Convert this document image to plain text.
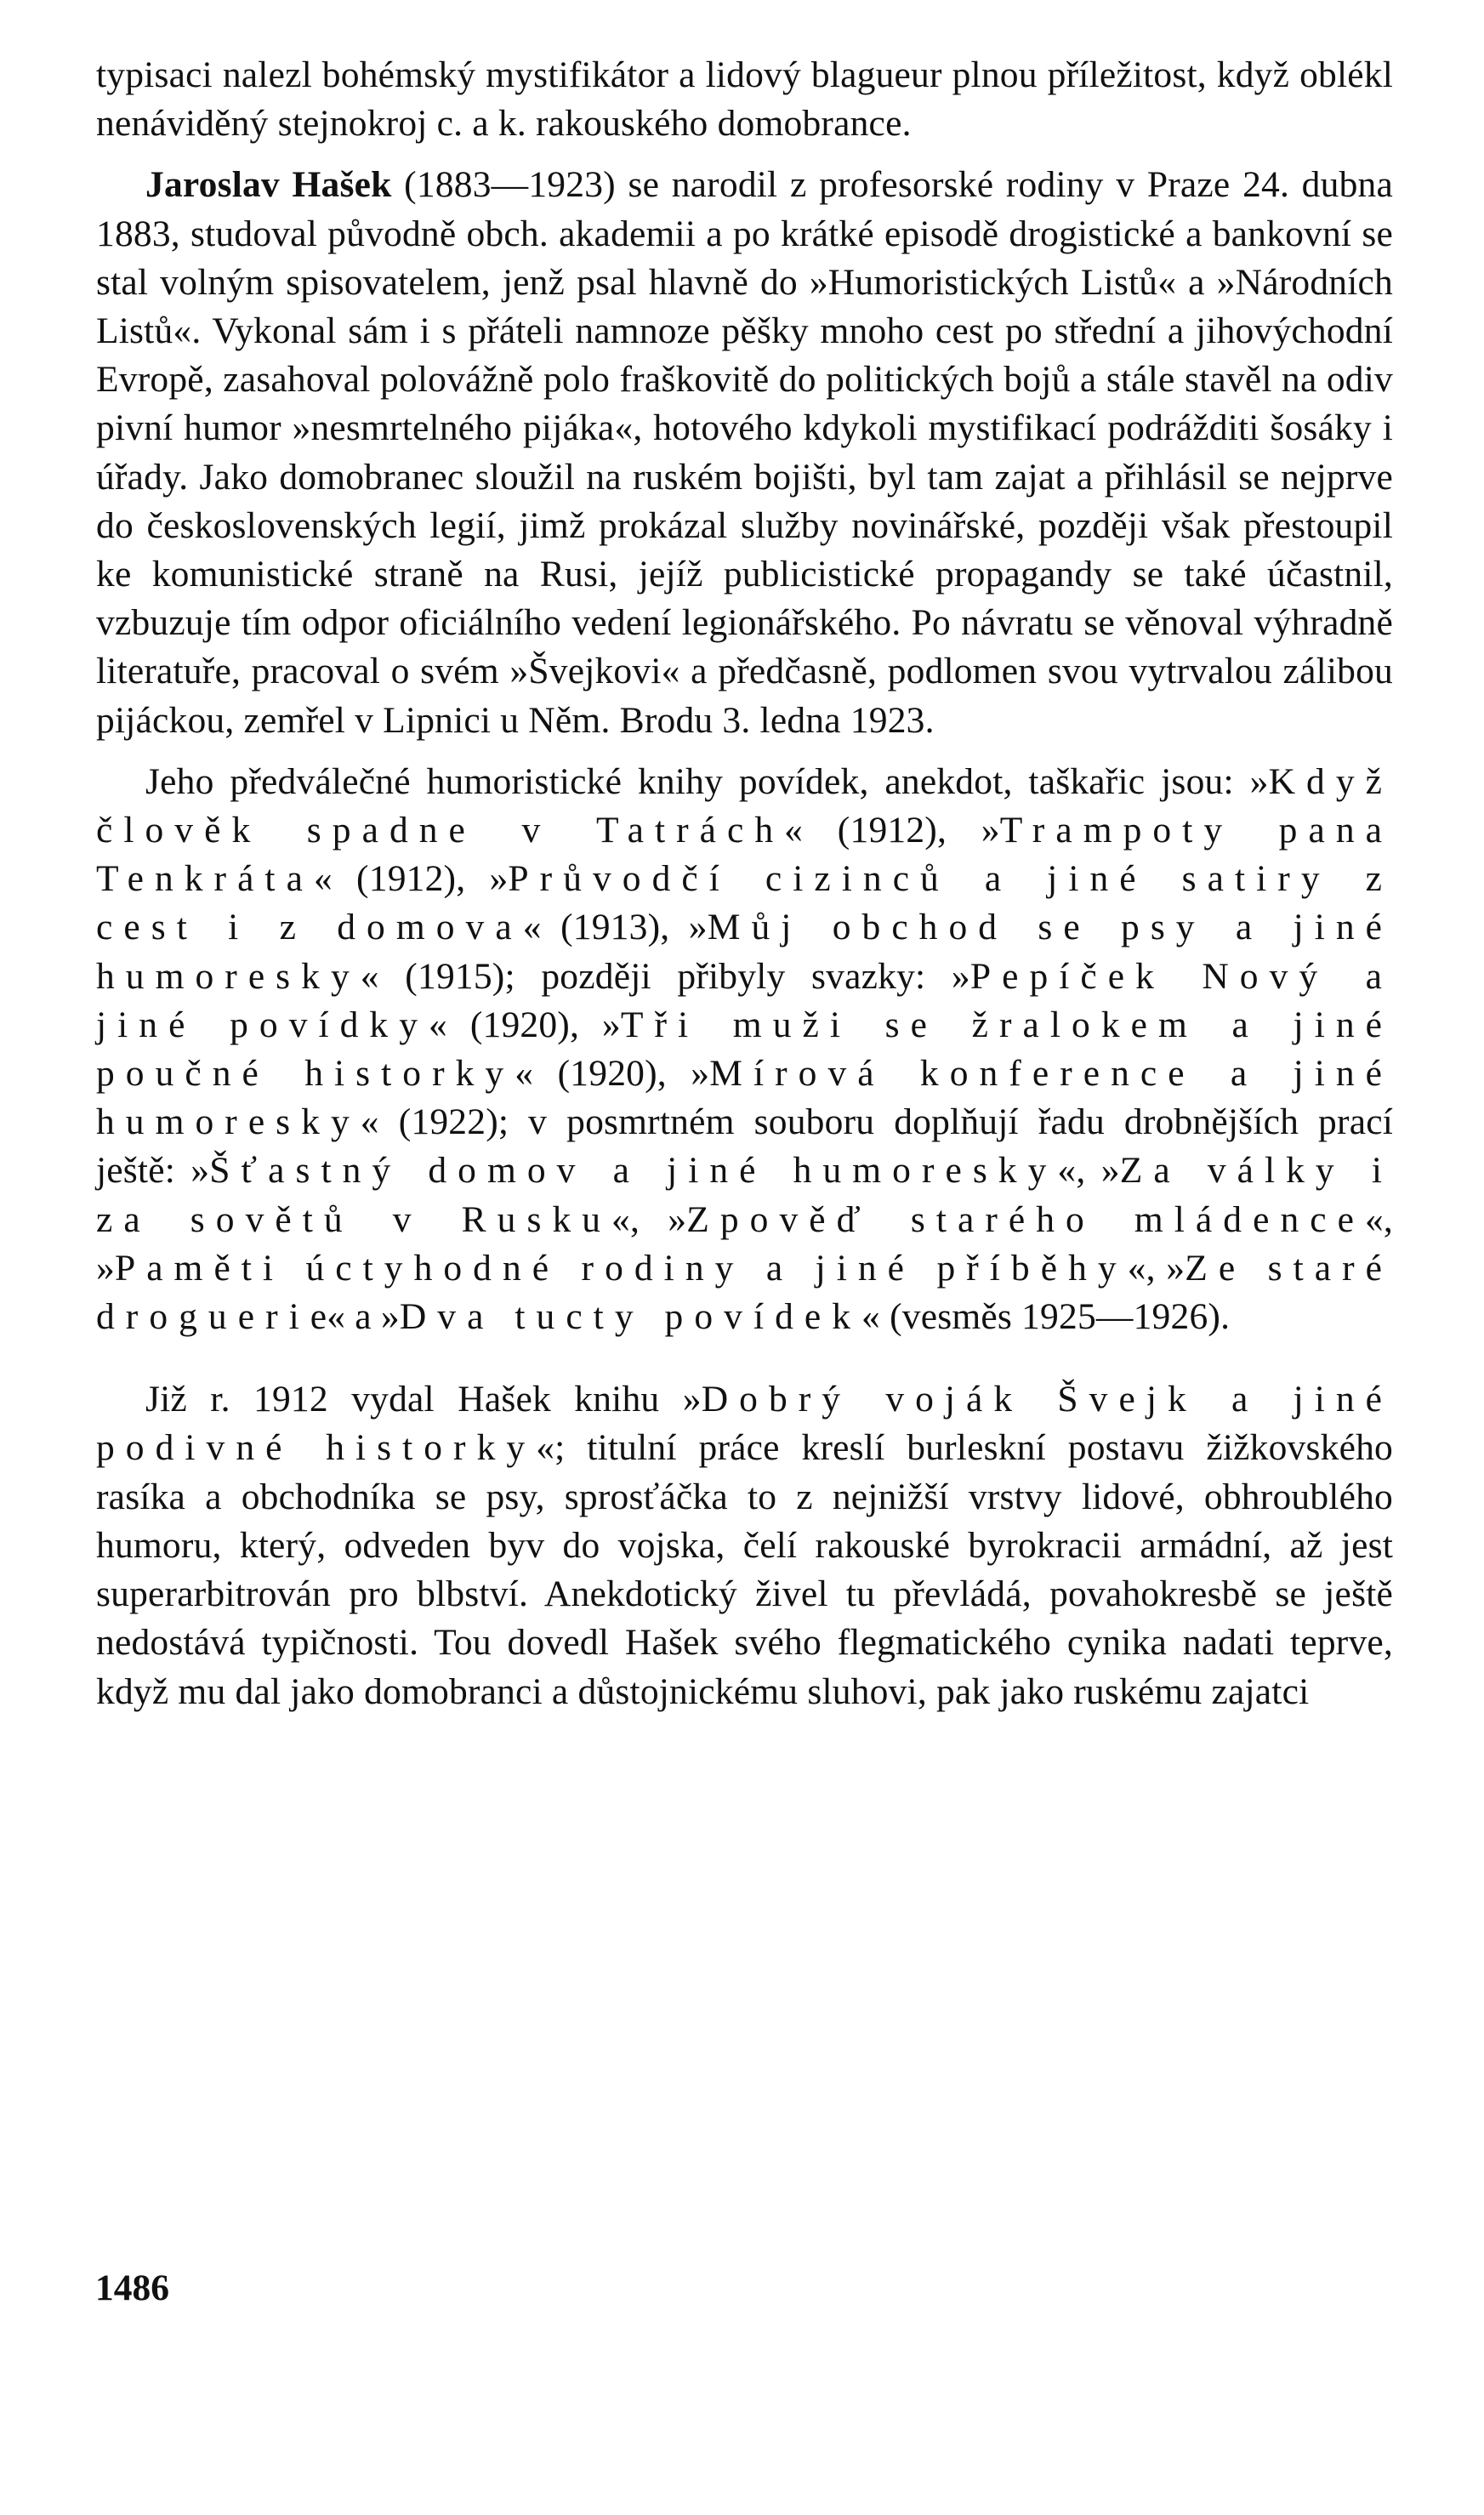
typisaci nalezl bohémský mystifikátor a lidový blagueur plnou příležitost, když oblékl nenáviděný stejnokroj c. a k. rakouského domobrance.

Jaroslav Hašek (1883—1923) se narodil z profesorské rodiny v Praze 24. dubna 1883, studoval původně obch. akademii a po krátké episodě drogistické a bankovní se stal volným spisovatelem, jenž psal hlavně do »Humoristických Listů« a »Národních Listů«. Vykonal sám i s přáteli namnoze pěšky mnoho cest po střední a jihovýchodní Evropě, zasahoval polovážně polo fraškovitě do politických bojů a stále stavěl na odiv pivní humor »nesmrtelného pijáka«, hotového kdykoli mystifikací podrážditi šosáky i úřady. Jako domobranec sloužil na ruském bojišti, byl tam zajat a přihlásil se nejprve do československých legií, jimž prokázal služby novinářské, později však přestoupil ke komunistické straně na Rusi, jejíž publicistické propagandy se také účastnil, vzbuzuje tím odpor oficiálního vedení legionářského. Po návratu se věnoval výhradně literatuře, pracoval o svém »Švejkovi« a předčasně, podlomen svou vytrvalou zálibou pijáckou, zemřel v Lipnici u Něm. Brodu 3. ledna 1923.

Jeho předválečné humoristické knihy povídek, anekdot, taškařic jsou: »Když člověk spadne v Tatrách« (1912), »Trampoty pana Tenkráta« (1912), »Průvodčí cizinců a jiné satiry z cest i z domova« (1913), »Můj obchod se psy a jiné humoresky« (1915); později přibyly svazky: »Pepíček Nový a jiné povídky« (1920), »Tři muži se žralokem a jiné poučné historky« (1920), »Mírová konference a jiné humoresky« (1922); v posmrtném souboru doplňují řadu drobnějších prací ještě: »Šťastný domov a jiné humoresky«, »Za války i za sovětů v Rusku«, »Zpověď starého mládence«, »Paměti úctyhodné rodiny a jiné příběhy«, »Ze staré droguerie« a »Dva tucty povídek« (vesměs 1925—1926).

Již r. 1912 vydal Hašek knihu »Dobrý voják Švejk a jiné podivné historky«; titulní práce kreslí burleskní postavu žižkovského rasíka a obchodníka se psy, sprosťáčka to z nejnižší vrstvy lidové, obhroublého humoru, který, odveden byv do vojska, čelí rakouské byrokracii armádní, až jest superarbitrován pro blbství. Anekdotický živel tu převládá, povahokresbě se ještě nedostává typičnosti. Tou dovedl Hašek svého flegmatického cynika nadati teprve, když mu dal jako domobranci a důstojnickému sluhovi, pak jako ruskému zajatci

1486
